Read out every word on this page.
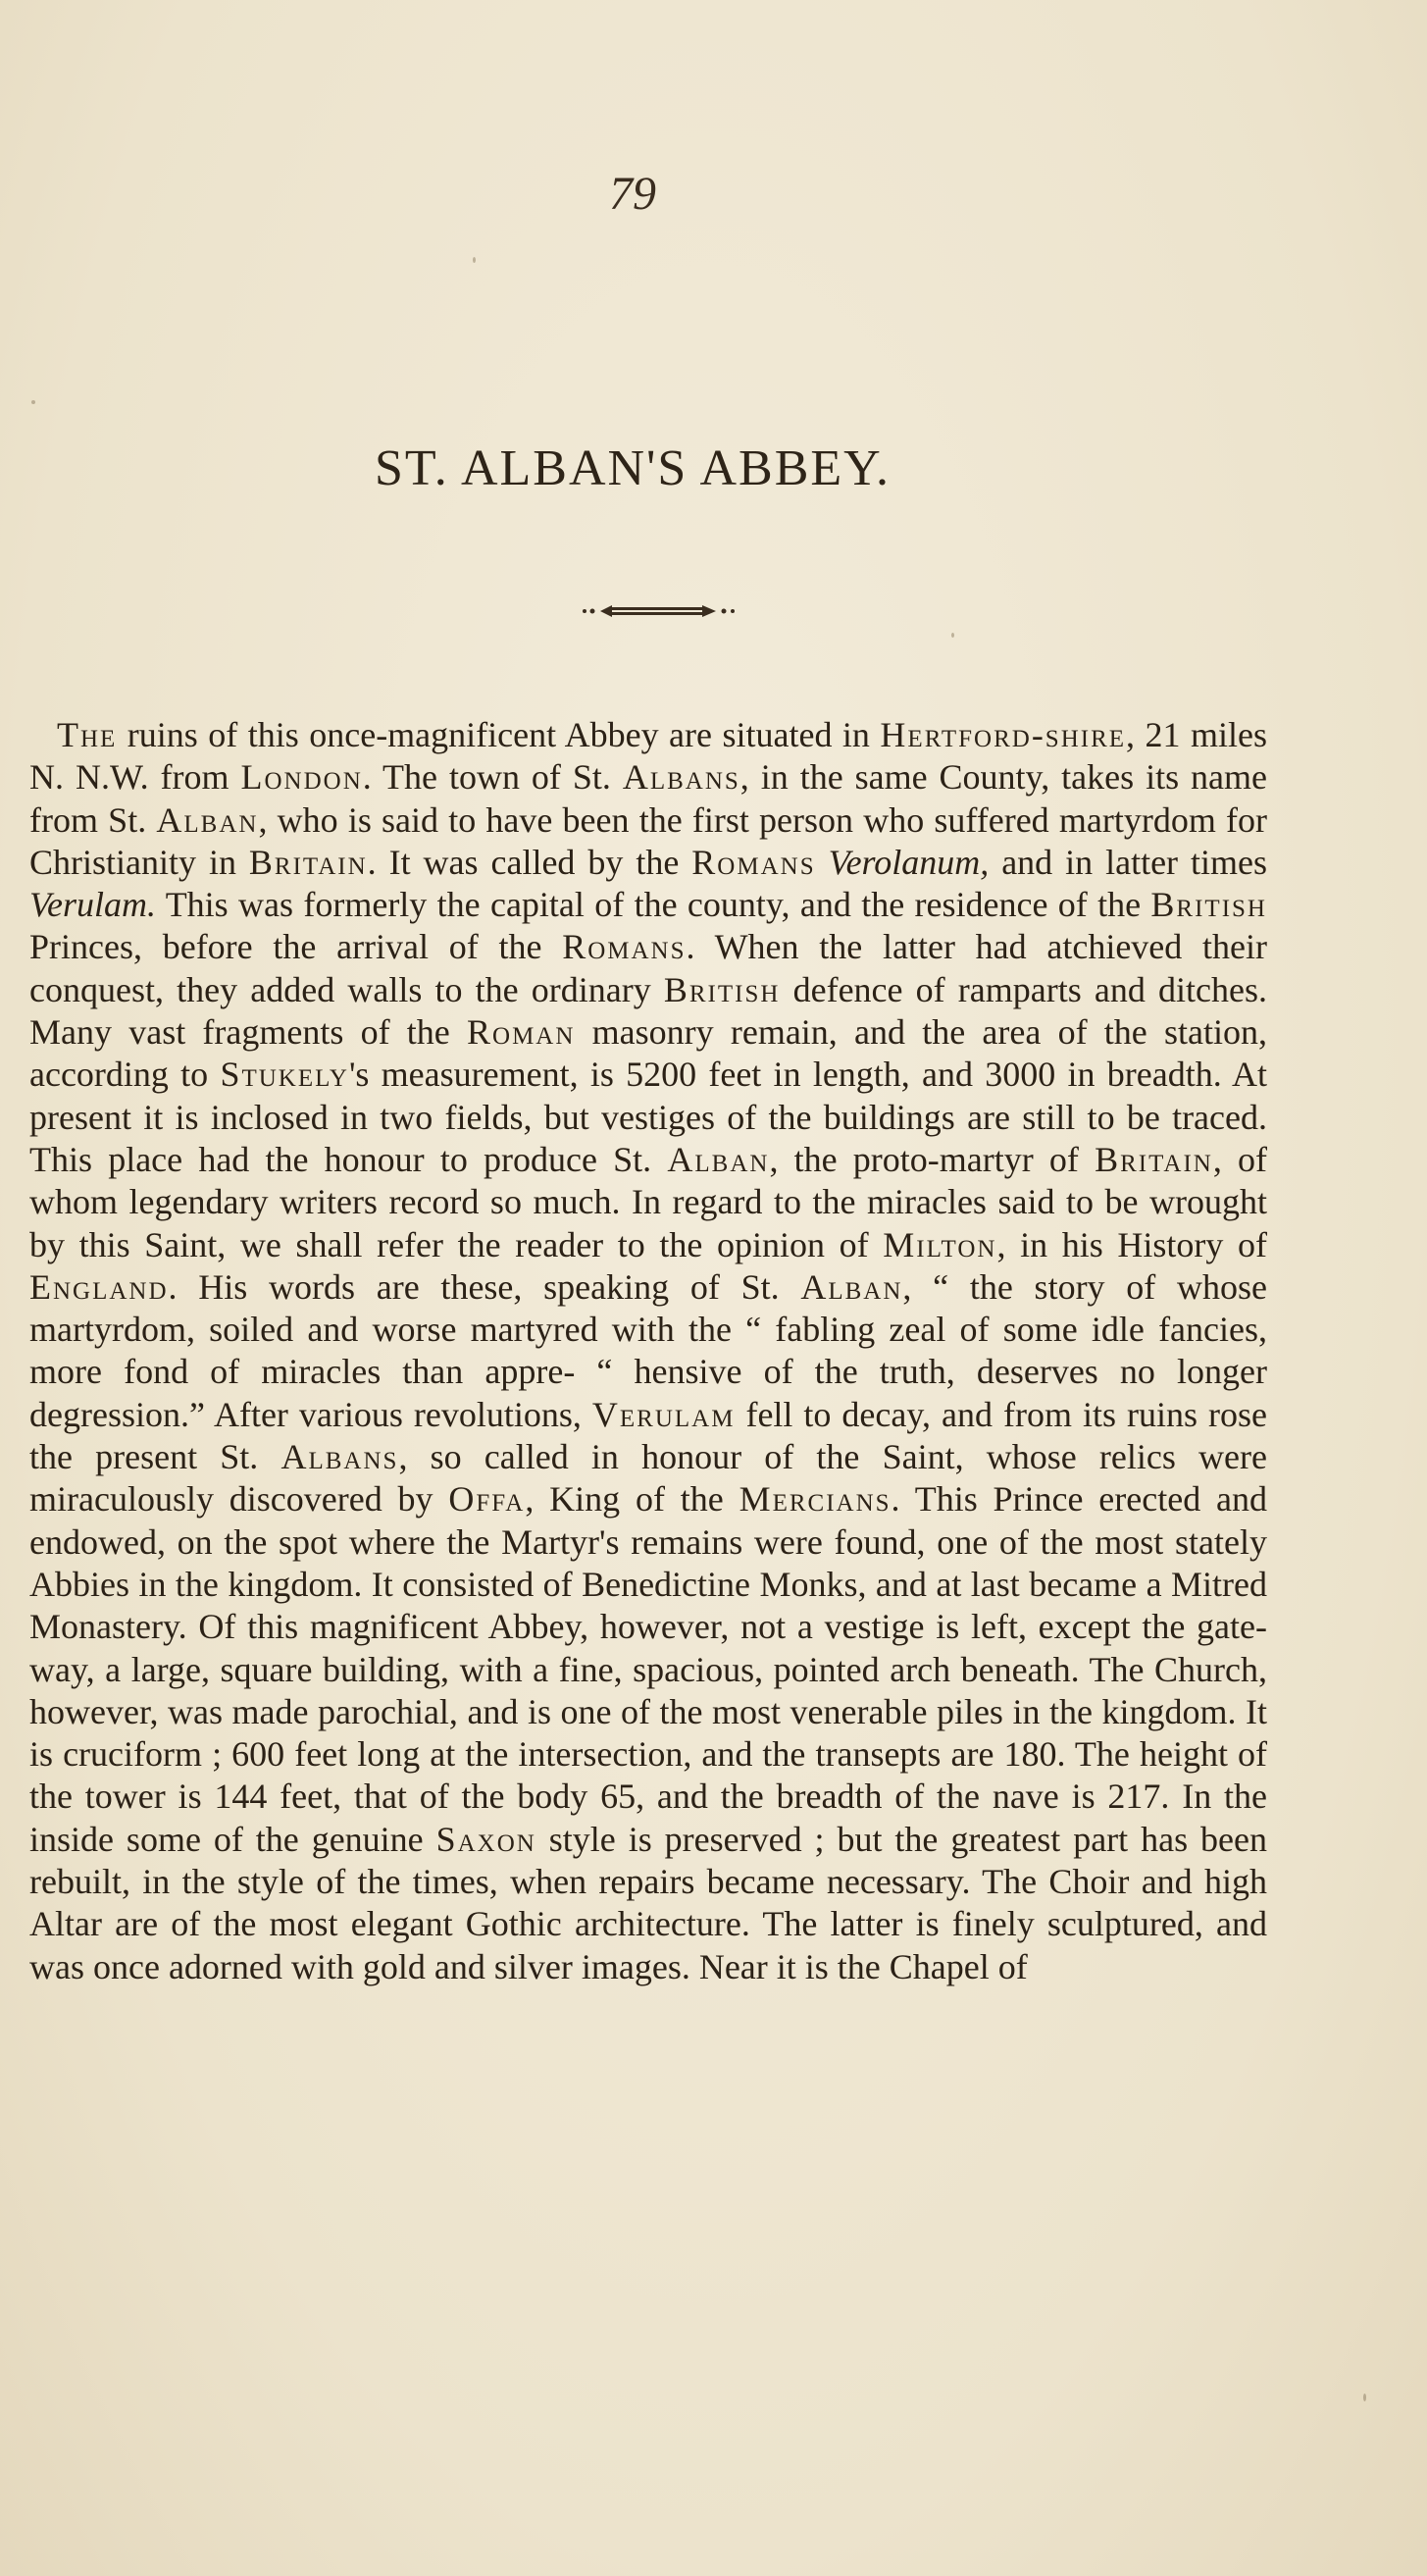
79
ST. ALBAN'S ABBEY.

The ruins of this once-magnificent Abbey are situated in Hertford-shire, 21 miles N. N.W. from London. The town of St. Albans, in the same County, takes its name from St. Alban, who is said to have been the first person who suffered martyrdom for Christianity in Britain. It was called by the Romans Verolanum, and in latter times Verulam. This was formerly the capital of the county, and the residence of the British Princes, before the arrival of the Romans. When the latter had atchieved their conquest, they added walls to the ordinary British defence of ramparts and ditches. Many vast fragments of the Roman masonry remain, and the area of the station, according to Stukely's measurement, is 5200 feet in length, and 3000 in breadth. At present it is inclosed in two fields, but vestiges of the buildings are still to be traced. This place had the honour to produce St. Alban, the proto-martyr of Britain, of whom legendary writers record so much. In regard to the miracles said to be wrought by this Saint, we shall refer the reader to the opinion of Milton, in his History of England. His words are these, speaking of St. Alban, “ the story of whose martyrdom, soiled and worse martyred with the “ fabling zeal of some idle fancies, more fond of miracles than appre- “ hensive of the truth, deserves no longer degression.” After various revolutions, Verulam fell to decay, and from its ruins rose the present St. Albans, so called in honour of the Saint, whose relics were miraculously discovered by Offa, King of the Mercians. This Prince erected and endowed, on the spot where the Martyr's remains were found, one of the most stately Abbies in the kingdom. It consisted of Benedictine Monks, and at last became a Mitred Monastery. Of this magnificent Abbey, however, not a vestige is left, except the gate-way, a large, square building, with a fine, spacious, pointed arch beneath. The Church, however, was made parochial, and is one of the most venerable piles in the kingdom. It is cruciform ; 600 feet long at the intersection, and the transepts are 180. The height of the tower is 144 feet, that of the body 65, and the breadth of the nave is 217. In the inside some of the genuine Saxon style is preserved ; but the greatest part has been rebuilt, in the style of the times, when repairs became necessary. The Choir and high Altar are of the most elegant Gothic architecture. The latter is finely sculptured, and was once adorned with gold and silver images. Near it is the Chapel of
